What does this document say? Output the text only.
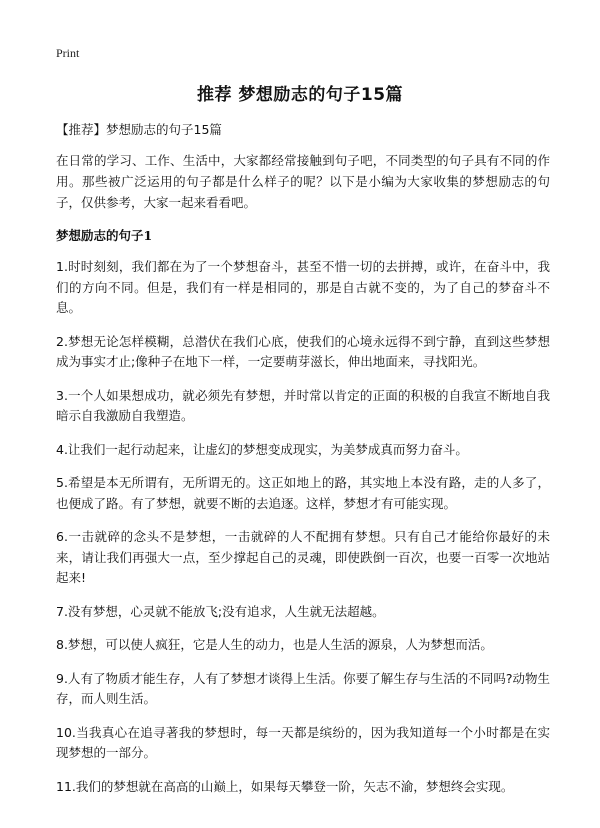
Print
推荐 梦想励志的句子15篇

【推荐】梦想励志的句子15篇

在日常的学习、工作、生活中，大家都经常接触到句子吧，不同类型的句子具有不同的作用。那些被广泛运用的句子都是什么样子的呢？以下是小编为大家收集的梦想励志的句子，仅供参考，大家一起来看看吧。

梦想励志的句子1

1.时时刻刻，我们都在为了一个梦想奋斗，甚至不惜一切的去拼搏，或许，在奋斗中，我们的方向不同。但是，我们有一样是相同的，那是自古就不变的，为了自己的梦奋斗不息。

2.梦想无论怎样模糊，总潜伏在我们心底，使我们的心境永远得不到宁静，直到这些梦想成为事实才止;像种子在地下一样，一定要萌芽滋长，伸出地面来，寻找阳光。

3.一个人如果想成功，就必须先有梦想，并时常以肯定的正面的积极的自我宣不断地自我暗示自我激励自我塑造。

4.让我们一起行动起来，让虚幻的梦想变成现实，为美梦成真而努力奋斗。

5.希望是本无所谓有，无所谓无的。这正如地上的路，其实地上本没有路，走的人多了，也便成了路。有了梦想，就要不断的去追逐。这样，梦想才有可能实现。

6.一击就碎的念头不是梦想，一击就碎的人不配拥有梦想。只有自己才能给你最好的未来，请让我们再强大一点，至少撑起自己的灵魂，即使跌倒一百次，也要一百零一次地站起来!

7.没有梦想，心灵就不能放飞;没有追求，人生就无法超越。

8.梦想，可以使人疯狂，它是人生的动力，也是人生活的源泉，人为梦想而活。

9.人有了物质才能生存，人有了梦想才谈得上生活。你要了解生存与生活的不同吗?动物生存，而人则生活。

10.当我真心在追寻著我的梦想时，每一天都是缤纷的，因为我知道每一个小时都是在实现梦想的一部分。

11.我们的梦想就在高高的山巅上，如果每天攀登一阶，矢志不渝，梦想终会实现。
